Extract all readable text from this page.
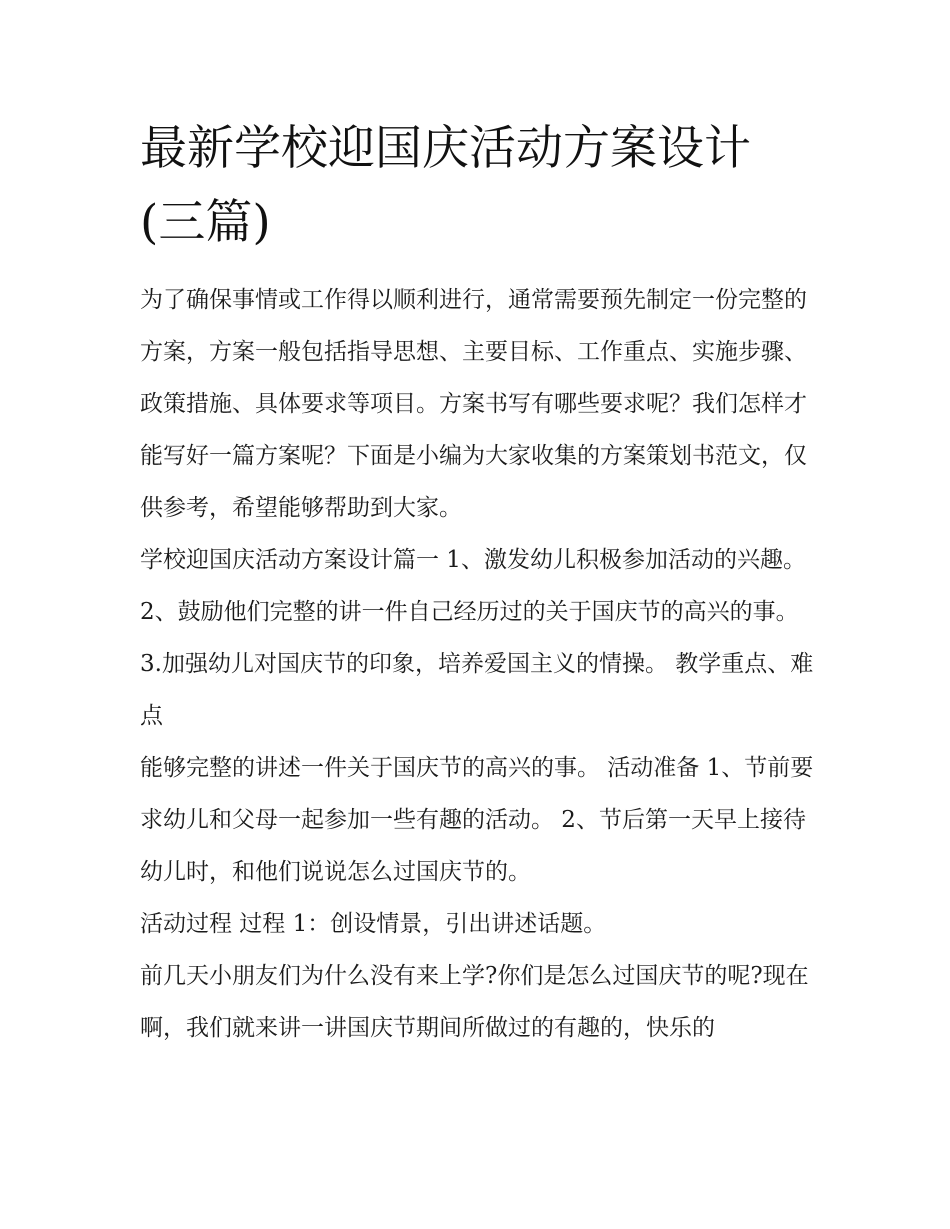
最新学校迎国庆活动方案设计(三篇)

为了确保事情或工作得以顺利进行，通常需要预先制定一份完整的方案，方案一般包括指导思想、主要目标、工作重点、实施步骤、政策措施、具体要求等项目。方案书写有哪些要求呢？我们怎样才能写好一篇方案呢？下面是小编为大家收集的方案策划书范文，仅供参考，希望能够帮助到大家。

学校迎国庆活动方案设计篇一 1、激发幼儿积极参加活动的兴趣。

2、鼓励他们完整的讲一件自己经历过的关于国庆节的高兴的事。3.加强幼儿对国庆节的印象，培养爱国主义的情操。 教学重点、难点

能够完整的讲述一件关于国庆节的高兴的事。 活动准备 1、节前要求幼儿和父母一起参加一些有趣的活动。 2、节后第一天早上接待幼儿时，和他们说说怎么过国庆节的。

活动过程 过程 1：创设情景，引出讲述话题。

前几天小朋友们为什么没有来上学?你们是怎么过国庆节的呢?现在啊，我们就来讲一讲国庆节期间所做过的有趣的，快乐的
